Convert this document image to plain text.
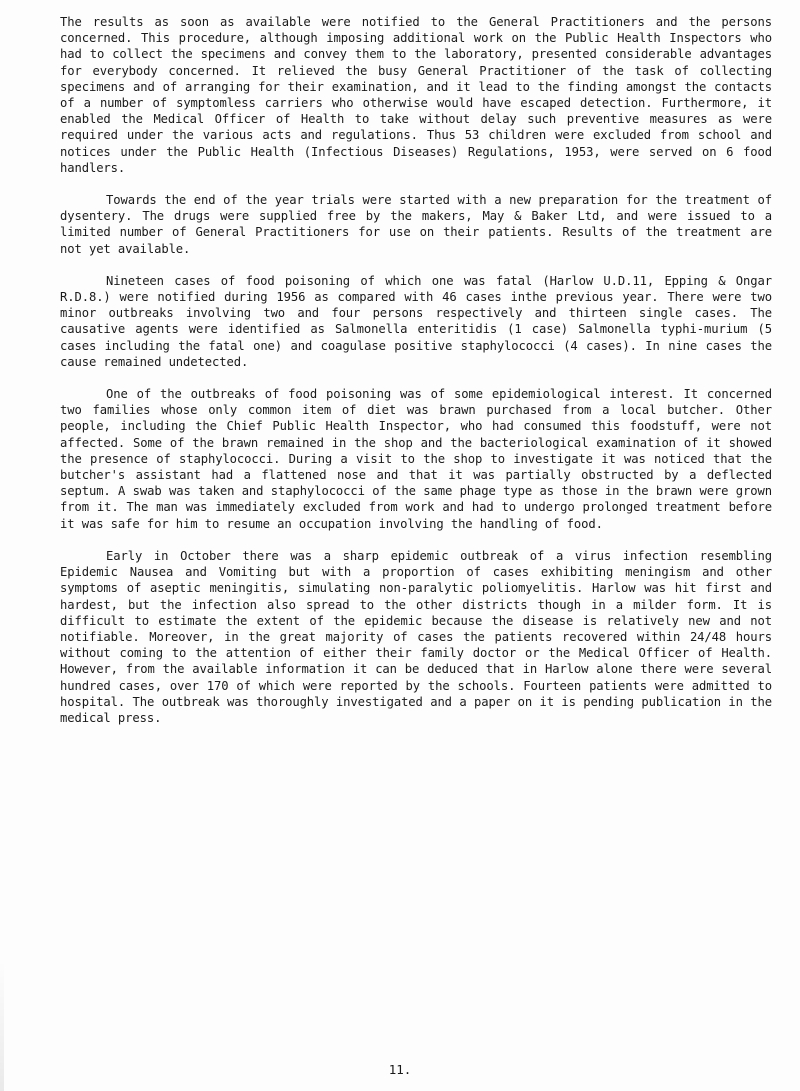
The results as soon as available were notified to the General Practitioners and the persons concerned. This procedure, although imposing additional work on the Public Health Inspectors who had to collect the specimens and convey them to the laboratory, presented considerable advantages for everybody concerned. It relieved the busy General Practitioner of the task of collecting specimens and of arranging for their examination, and it lead to the finding amongst the contacts of a number of symptomless carriers who otherwise would have escaped detection. Furthermore, it enabled the Medical Officer of Health to take without delay such preventive measures as were required under the various acts and regulations. Thus 53 children were excluded from school and notices under the Public Health (Infectious Diseases) Regulations, 1953, were served on 6 food handlers.

Towards the end of the year trials were started with a new preparation for the treatment of dysentery. The drugs were supplied free by the makers, May & Baker Ltd, and were issued to a limited number of General Practitioners for use on their patients. Results of the treatment are not yet available.

Nineteen cases of food poisoning of which one was fatal (Harlow U.D.11, Epping & Ongar R.D.8.) were notified during 1956 as compared with 46 cases inthe previous year. There were two minor outbreaks involving two and four persons respectively and thirteen single cases. The causative agents were identified as Salmonella enteritidis (1 case) Salmonella typhi-murium (5 cases including the fatal one) and coagulase positive staphylococci (4 cases). In nine cases the cause remained undetected.

One of the outbreaks of food poisoning was of some epidemiological interest. It concerned two families whose only common item of diet was brawn purchased from a local butcher. Other people, including the Chief Public Health Inspector, who had consumed this foodstuff, were not affected. Some of the brawn remained in the shop and the bacteriological examination of it showed the presence of staphylococci. During a visit to the shop to investigate it was noticed that the butcher's assistant had a flattened nose and that it was partially obstructed by a deflected septum. A swab was taken and staphylococci of the same phage type as those in the brawn were grown from it. The man was immediately excluded from work and had to undergo prolonged treatment before it was safe for him to resume an occupation involving the handling of food.

Early in October there was a sharp epidemic outbreak of a virus infection resembling Epidemic Nausea and Vomiting but with a proportion of cases exhibiting meningism and other symptoms of aseptic meningitis, simulating non-paralytic poliomyelitis. Harlow was hit first and hardest, but the infection also spread to the other districts though in a milder form. It is difficult to estimate the extent of the epidemic because the disease is relatively new and not notifiable. Moreover, in the great majority of cases the patients recovered within 24/48 hours without coming to the attention of either their family doctor or the Medical Officer of Health. However, from the available information it can be deduced that in Harlow alone there were several hundred cases, over 170 of which were reported by the schools. Fourteen patients were admitted to hospital. The outbreak was thoroughly investigated and a paper on it is pending publication in the medical press.

11.
